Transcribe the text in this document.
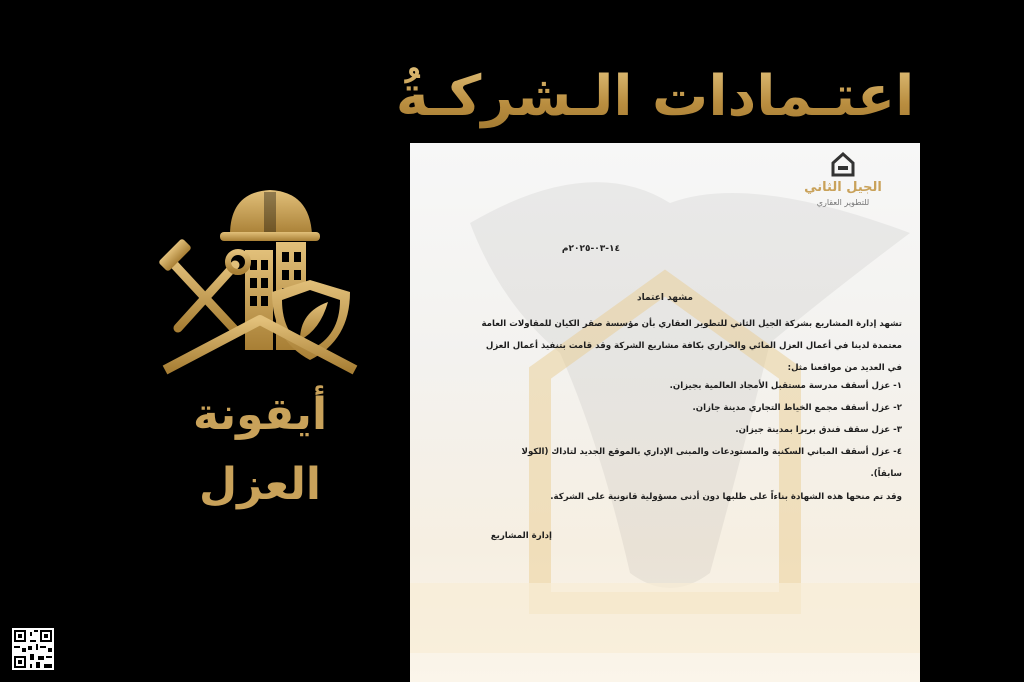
اعتـمادات الـشركـةُ
أيقونة العزل
الجيل الثاني
للتطوير العقاري
١٤-٠٣-٢٠٢٥م
مشهد اعتماد
تشهد إدارة المشاريع بشركة الجيل الثاني للتطوير العقاري بأن مؤسسة صقر الكيان للمقاولات العامة
معتمدة لدينا في أعمال العزل المائي والحراري بكافة مشاريع الشركة وقد قامت بتنفيذ أعمال العزل
في العديد من مواقعنا مثل:
١- عزل أسقف مدرسة مستقبل الأمجاد العالمية بجيزان.
٢- عزل أسقف مجمع الخياط التجاري مدينة جازان.
٣- عزل سقف فندق بريرا بمدينة جيزان.
٤- عزل أسقف المباني السكنية والمستودعات والمبنى الإداري بالموقع الجديد لتاداك (الكولا
سابقاً).
وقد تم منحها هذه الشهادة بناءاً على طلبها دون أدنى مسؤولية قانونية على الشركة.
إدارة المشاريع
